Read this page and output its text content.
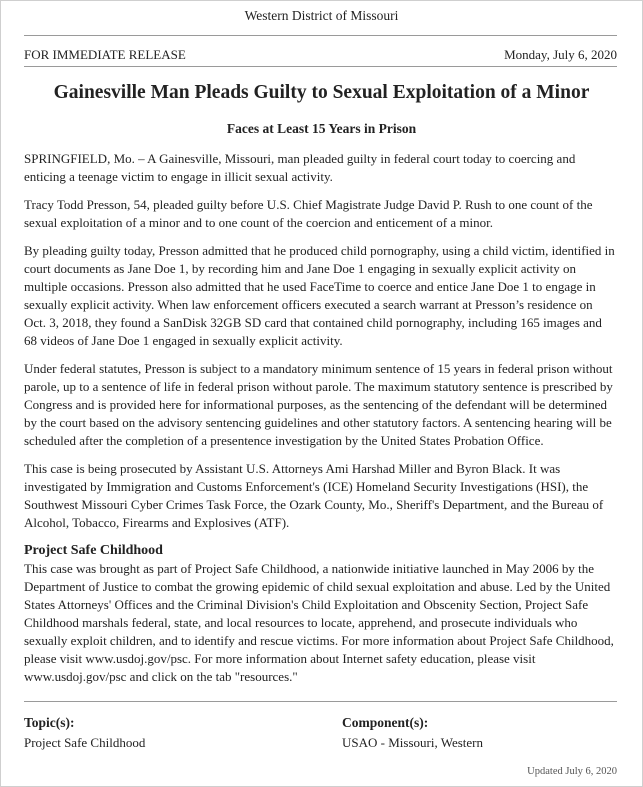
Western District of Missouri
FOR IMMEDIATE RELEASE	Monday, July 6, 2020
Gainesville Man Pleads Guilty to Sexual Exploitation of a Minor
Faces at Least 15 Years in Prison

SPRINGFIELD, Mo. – A Gainesville, Missouri, man pleaded guilty in federal court today to coercing and enticing a teenage victim to engage in illicit sexual activity.

Tracy Todd Presson, 54, pleaded guilty before U.S. Chief Magistrate Judge David P. Rush to one count of the sexual exploitation of a minor and to one count of the coercion and enticement of a minor.

By pleading guilty today, Presson admitted that he produced child pornography, using a child victim, identified in court documents as Jane Doe 1, by recording him and Jane Doe 1 engaging in sexually explicit activity on multiple occasions. Presson also admitted that he used FaceTime to coerce and entice Jane Doe 1 to engage in sexually explicit activity. When law enforcement officers executed a search warrant at Presson’s residence on Oct. 3, 2018, they found a SanDisk 32GB SD card that contained child pornography, including 165 images and 68 videos of Jane Doe 1 engaged in sexually explicit activity.

Under federal statutes, Presson is subject to a mandatory minimum sentence of 15 years in federal prison without parole, up to a sentence of life in federal prison without parole. The maximum statutory sentence is prescribed by Congress and is provided here for informational purposes, as the sentencing of the defendant will be determined by the court based on the advisory sentencing guidelines and other statutory factors. A sentencing hearing will be scheduled after the completion of a presentence investigation by the United States Probation Office.

This case is being prosecuted by Assistant U.S. Attorneys Ami Harshad Miller and Byron Black. It was investigated by Immigration and Customs Enforcement's (ICE) Homeland Security Investigations (HSI), the Southwest Missouri Cyber Crimes Task Force, the Ozark County, Mo., Sheriff's Department, and the Bureau of Alcohol, Tobacco, Firearms and Explosives (ATF).

Project Safe Childhood

This case was brought as part of Project Safe Childhood, a nationwide initiative launched in May 2006 by the Department of Justice to combat the growing epidemic of child sexual exploitation and abuse. Led by the United States Attorneys' Offices and the Criminal Division's Child Exploitation and Obscenity Section, Project Safe Childhood marshals federal, state, and local resources to locate, apprehend, and prosecute individuals who sexually exploit children, and to identify and rescue victims. For more information about Project Safe Childhood, please visit www.usdoj.gov/psc. For more information about Internet safety education, please visit www.usdoj.gov/psc and click on the tab "resources."

Topic(s):
Project Safe Childhood
Component(s):
USAO - Missouri, Western
Updated July 6, 2020
